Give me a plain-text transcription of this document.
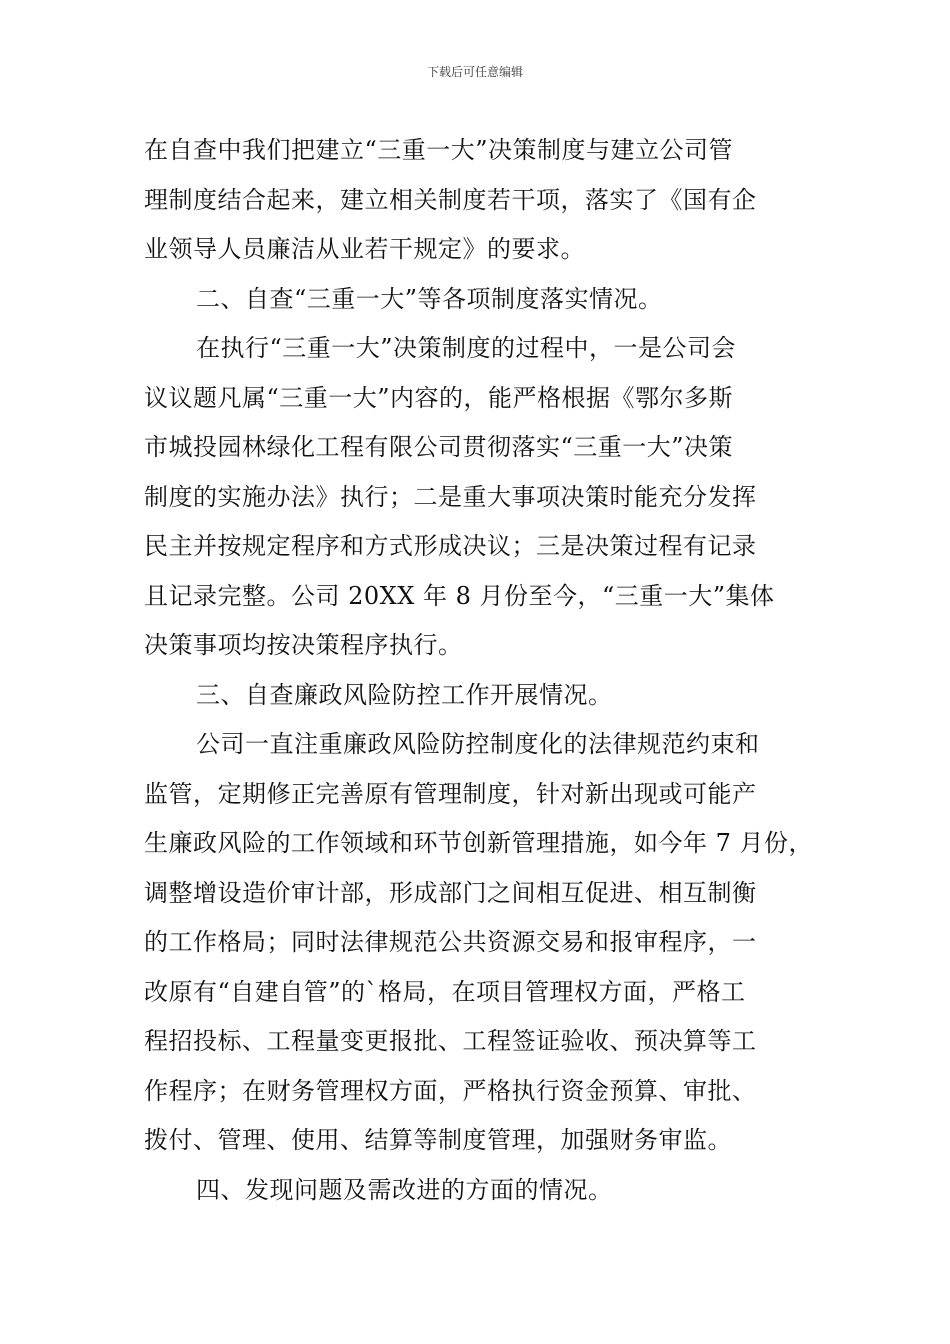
下载后可任意编辑
在自查中我们把建立“三重一大”决策制度与建立公司管
理制度结合起来，建立相关制度若干项，落实了《国有企
业领导人员廉洁从业若干规定》的要求。
二、自查“三重一大”等各项制度落实情况。
在执行“三重一大”决策制度的过程中，一是公司会
议议题凡属“三重一大”内容的，能严格根据《鄂尔多斯
市城投园林绿化工程有限公司贯彻落实“三重一大”决策
制度的实施办法》执行；二是重大事项决策时能充分发挥
民主并按规定程序和方式形成决议；三是决策过程有记录
且记录完整。公司 20XX 年 8 月份至今，“三重一大”集体
决策事项均按决策程序执行。
三、自查廉政风险防控工作开展情况。
公司一直注重廉政风险防控制度化的法律规范约束和
监管，定期修正完善原有管理制度，针对新出现或可能产
生廉政风险的工作领域和环节创新管理措施，如今年 7 月份，
调整增设造价审计部，形成部门之间相互促进、相互制衡
的工作格局；同时法律规范公共资源交易和报审程序，一
改原有“自建自管”的`格局，在项目管理权方面，严格工
程招投标、工程量变更报批、工程签证验收、预决算等工
作程序；在财务管理权方面，严格执行资金预算、审批、
拨付、管理、使用、结算等制度管理，加强财务审监。
四、发现问题及需改进的方面的情况。
